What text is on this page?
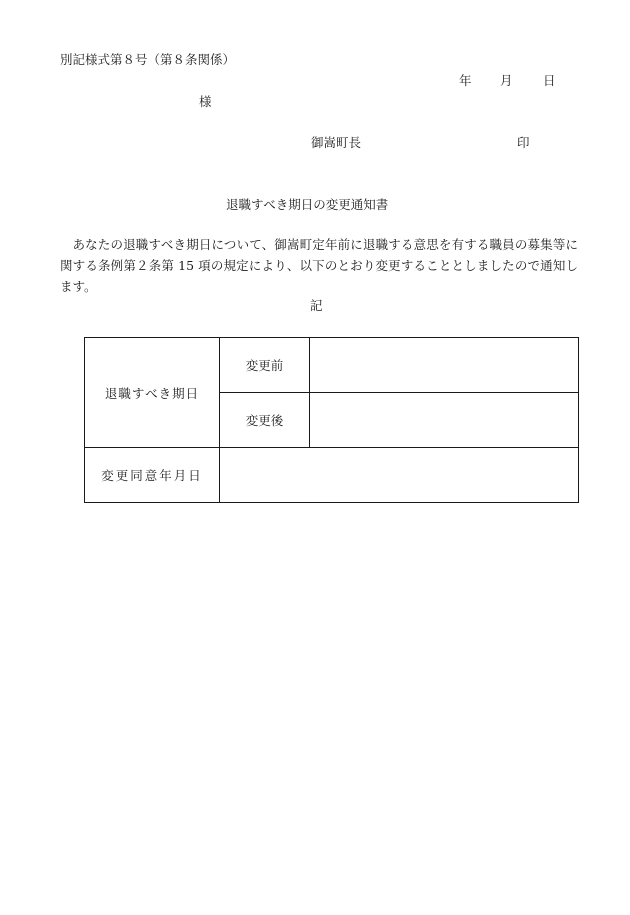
別記様式第８号（第８条関係）
年 月 日
様
御嵩町長	印
退職すべき期日の変更通知書

あなたの退職すべき期日について、御嵩町定年前に退職する意思を有する職員の募集等に関する条例第２条第 15 項の規定により、以下のとおり変更することとしましたので通知します。

記
退職すべき期日	変更前	
	変更後	
変更同意年月日		
